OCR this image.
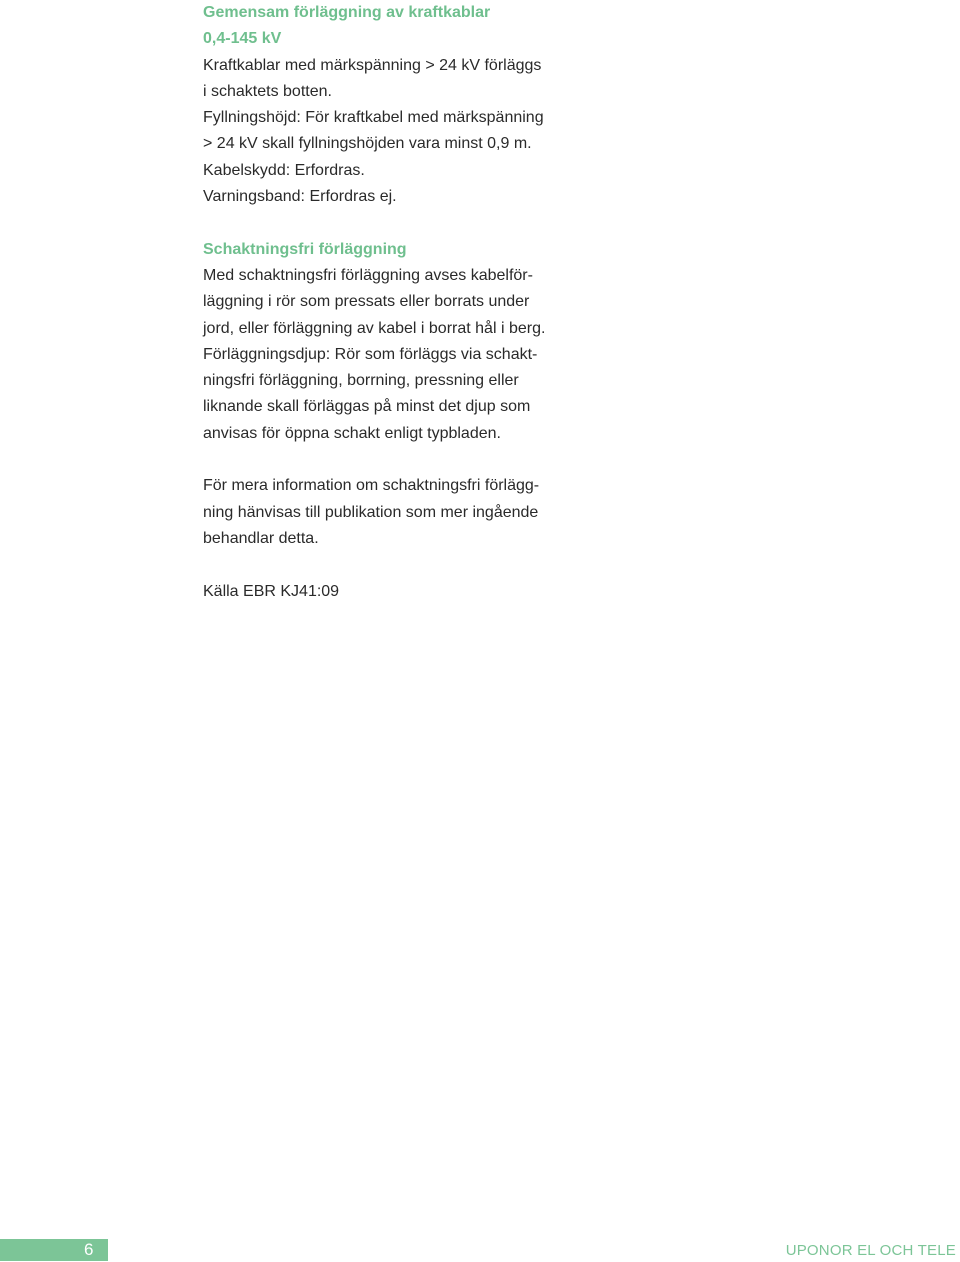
Gemensam förläggning av kraftkablar
0,4-145 kV
Kraftkablar med märkspänning > 24 kV förläggs
i schaktets botten.
Fyllningshöjd: För kraftkabel med märkspänning
> 24 kV skall fyllningshöjden vara minst 0,9 m.
Kabelskydd: Erfordras.
Varningsband: Erfordras ej.
Schaktningsfri förläggning
Med schaktningsfri förläggning avses kabelför-
läggning i rör som pressats eller borrats under
jord, eller förläggning av kabel i borrat hål i berg.
Förläggningsdjup: Rör som förläggs via schakt-
ningsfri förläggning, borrning, pressning eller
liknande skall förläggas på minst det djup som
anvisas för öppna schakt enligt typbladen.
För mera information om schaktningsfri förlägg-
ning hänvisas till publikation som mer ingående
behandlar detta.
Källa EBR KJ41:09
6	UPONOR EL OCH TELE
